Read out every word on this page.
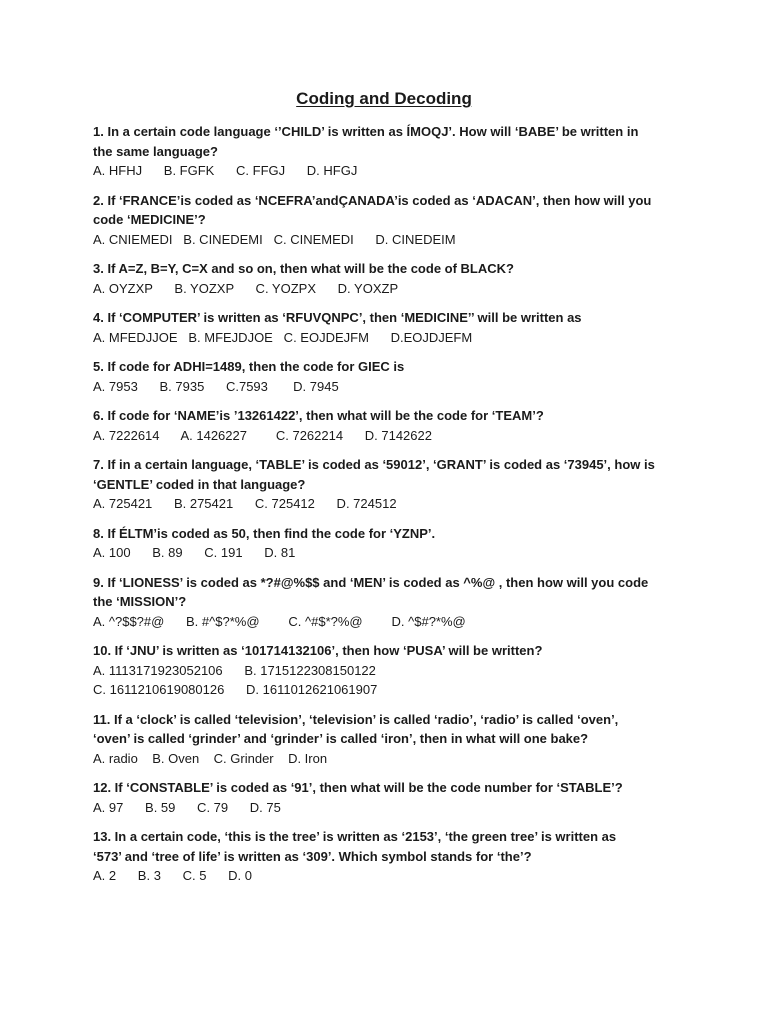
Coding and Decoding
1. In a certain code language ‘’CHILD’ is written as ÍMOQJ’. How will ‘BABE’ be written in
the same language?
A. HFHJ      B. FGFK      C. FFGJ      D. HFGJ
2. If ‘FRANCE’is coded as ‘NCEFRA’andÇANADA’is coded as ‘ADACAN’, then how will you
code ‘MEDICINE’?
A. CNIEMEDI   B. CINEDEMI   C. CINEMEDI      D. CINEDEIM
3. If A=Z, B=Y, C=X and so on, then what will be the code of BLACK?
A. OYZXP      B. YOZXP      C. YOZPX      D. YOXZP
4. If ‘COMPUTER’ is written as ‘RFUVQNPC’, then ‘MEDICINE’’ will be written as
A. MFEDJJOE   B. MFEJDJOE   C. EOJDEJFM      D.EOJDJEFM
5. If code for ADHI=1489, then the code for GIEC is
A. 7953      B. 7935      C.7593       D. 7945
6. If code for ‘NAME’is ’13261422’, then what will be the code for ‘TEAM’?
A. 7222614      A. 1426227        C. 7262214      D. 7142622
7. If in a certain language, ‘TABLE’ is coded as ‘59012’, ‘GRANT’ is coded as ‘73945’, how is
‘GENTLE’ coded in that language?
A. 725421      B. 275421      C. 725412      D. 724512
8. If ÉLTM’is coded as 50, then find the code for ‘YZNP’.
A. 100      B. 89      C. 191      D. 81
9. If ‘LIONESS’ is coded as *?#@%$$ and ‘MEN’ is coded as ^%@ , then how will you code
the ‘MISSION’?
A. ^?$$?#@      B. #^$?*%@        C. ^#$*?%@        D. ^$#?*%@
10. If ‘JNU’ is written as ‘101714132106’, then how ‘PUSA’ will be written?
A. 1113171923052106      B. 1715122308150122
C. 1611210619080126      D. 1611012621061907
11. If a ‘clock’ is called ‘television’, ‘television’ is called ‘radio’, ‘radio’ is called ‘oven’,
‘oven’ is called ‘grinder’ and ‘grinder’ is called ‘iron’, then in what will one bake?
A. radio    B. Oven    C. Grinder    D. Iron
12. If ‘CONSTABLE’ is coded as ‘91’, then what will be the code number for ‘STABLE’?
A. 97      B. 59      C. 79      D. 75
13. In a certain code, ‘this is the tree’ is written as ‘2153’, ‘the green tree’ is written as
‘573’ and ‘tree of life’ is written as ‘309’. Which symbol stands for ‘the’?
A. 2      B. 3      C. 5      D. 0
